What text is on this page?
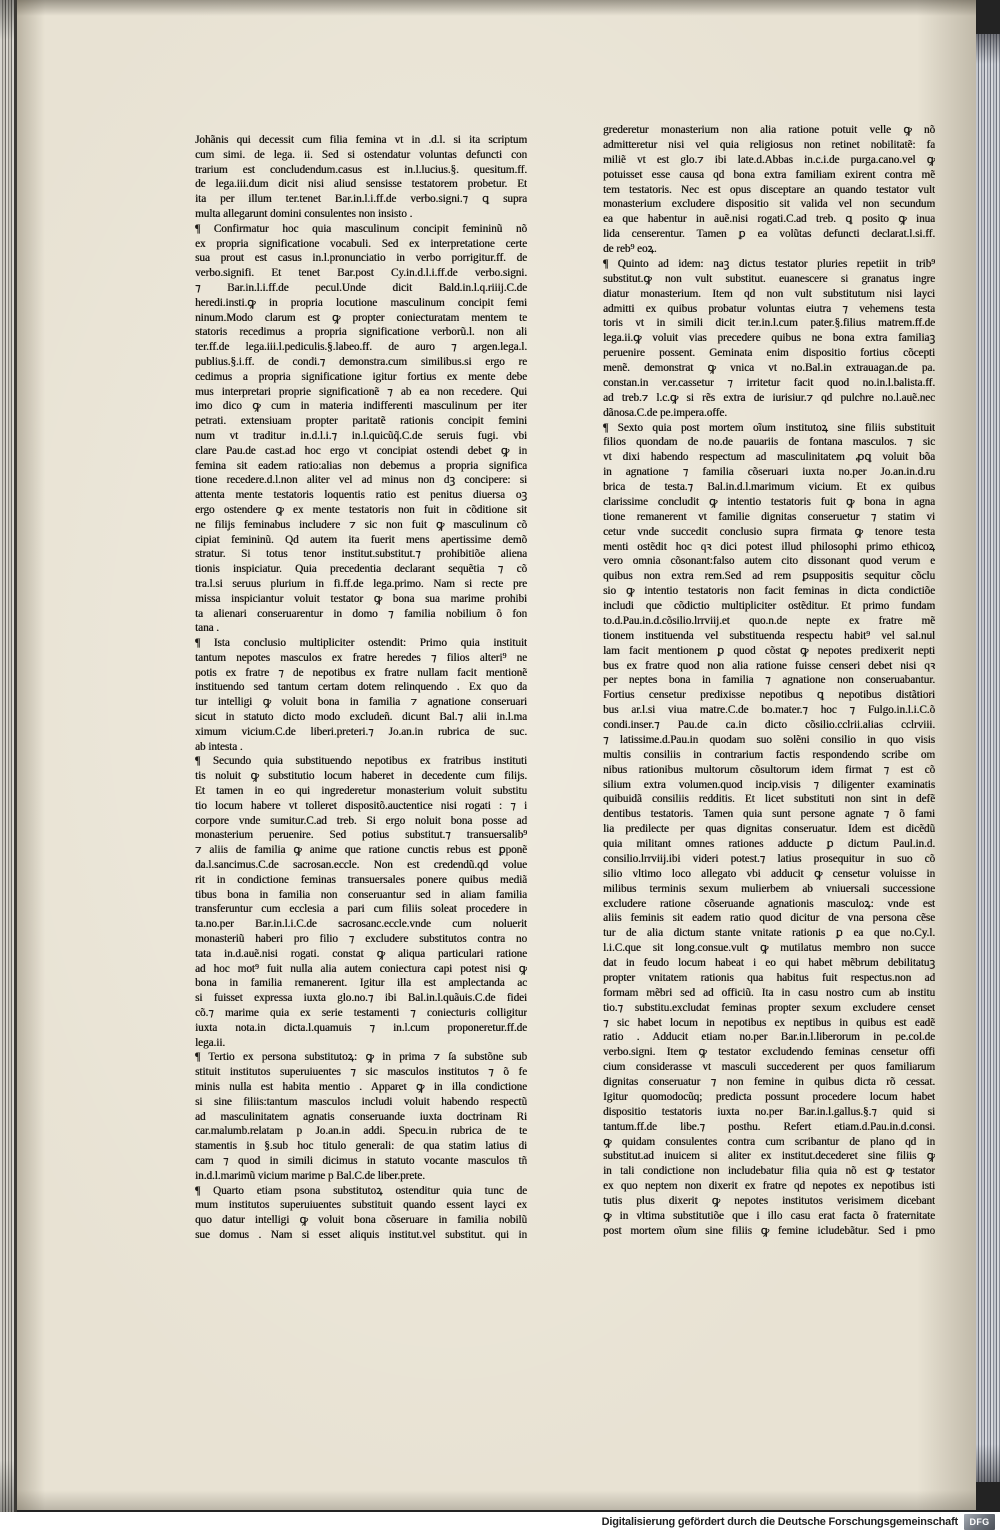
Johãnis qui decessit cum filia femina vt in .d.l. si ita scriptum
cum simi. de lega. ii. Sed si ostendatur voluntas defuncti con
trarium est concludendum.casus est in.l.lucius.§. quesitum.ff.
de lega.iii.dum dicit nisi aliud sensisse testatorem probetur. Et
ita per illum ter.tenet Bar.in.l.i.ff.de verbo.signi.⁊ ꝗ supra
multa allegarunt domini consulentes non insisto .
¶ Confirmatur hoc quia masculinum concipit femininũ nõ
ex propria significatione vocabuli. Sed ex interpretatione certe
sua prout est casus in.l.pronunciatio in verbo porrigitur.ff. de
verbo.signifi. Et tenet Bar.post Cy.in.d.l.i.ff.de verbo.signi.
⁊ Bar.in.l.i.ff.de pecul.Unde dicit Bald.in.l.q.riiij.C.de
heredi.insti.ꝙ in propria locutione masculinum concipit femi
ninum.Modo clarum est ꝙ propter coniecturatam mentem te
statoris recedimus a propria significatione verborũ.l. non ali
ter.ff.de lega.iii.l.pediculis.§.labeo.ff. de auro ⁊ argen.lega.l.
publius.§.i.ff. de condi.⁊ demonstra.cum similibus.si ergo re
cedimus a propria significatione igitur fortius ex mente debe
mus interpretari proprie significationẽ ⁊ ab ea non recedere. Qui
imo dico ꝙ cum in materia indifferenti masculinum per iter
petrati. extensiuam propter paritatẽ rationis concipit femini
num vt traditur in.d.l.i.⁊ in.l.quicũq̃.C.de seruis fugi. vbi
clare Pau.de cast.ad hoc ergo vt concipiat ostendi debet ꝙ in
femina sit eadem ratio:alias non debemus a propria significa
tione recedere.d.l.non aliter vel ad minus non dꝫ concipere: si
attenta mente testatoris loquentis ratio est penitus diuersa oꝫ
ergo ostendere ꝙ ex mente testatoris non fuit in cõditione sit
ne filijs feminabus includere ⁊ sic non fuit ꝙ masculinum cõ
cipiat femininũ. Qd autem ita fuerit mens apertissime demõ
stratur. Si totus tenor institut.substitut.⁊ prohibitiõe aliena
tionis inspiciatur. Quia precedentia declarant sequẽtia ⁊ cõ
tra.l.si seruus plurium in fi.ff.de lega.primo. Nam si recte pre
missa inspiciantur voluit testator ꝙ bona sua marime prohibi
ta alienari conseruarentur in domo ⁊ familia nobilium õ fon
tana .
¶ Ista conclusio multipliciter ostendit: Primo quia instituit
tantum nepotes masculos ex fratre heredes ⁊ filios alteri⁹ ne
potis ex fratre ⁊ de nepotibus ex fratre nullam facit mentionẽ
instituendo sed tantum certam dotem relinquendo . Ex quo da
tur intelligi ꝙ voluit bona in familia ⁊ agnatione conseruari
sicut in statuto dicto modo excludeñ. dicunt Bal.⁊ alii in.l.ma
ximum vicium.C.de liberi.preteri.⁊ Jo.an.in rubrica de suc.
ab intesta .
¶ Secundo quia substituendo nepotibus ex fratribus instituti
tis noluit ꝙ substitutio locum haberet in decedente cum filijs.
Et tamen in eo qui ingrederetur monasterium voluit substitu
tio locum habere vt tolleret dispositõ.auctentice nisi rogati : ⁊ i
corpore vnde sumitur.C.ad treb. Si ergo noluit bona posse ad
monasterium peruenire. Sed potius substitut.⁊ transuersalib⁹
⁊ aliis de familia ꝙ anime que ratione cunctis rebus est ꝑponẽ
da.l.sancimus.C.de sacrosan.eccle. Non est credendũ.qd volue
rit in condictione feminas transuersales ponere quibus mediã
tibus bona in familia non conseruantur sed in aliam familia
transferuntur cum ecclesia a pari cum filiis soleat procedere in
ta.no.per Bar.in.l.i.C.de sacrosanc.eccle.vnde cum noluerit
monasteriũ haberi pro filio ⁊ excludere substitutos contra no
tata in.d.auẽ.nisi rogati. constat ꝙ aliqua particulari ratione
ad hoc mot⁹ fuit nulla alia autem coniectura capi potest nisi ꝙ
bona in familia remanerent. Igitur illa est amplectanda ac
si fuisset expressa iuxta glo.no.⁊ ibi Bal.in.l.quãuis.C.de fidei
cõ.⁊ marime quia ex serie testamenti ⁊ coniecturis colligitur
iuxta nota.in dicta.l.quamuis ⁊ in.l.cum proponeretur.ff.de
lega.ii.
¶ Tertio ex persona substitutoꝝ: ꝙ in prima ⁊ ſa substõne sub
stituit institutos superuiuentes ⁊ sic masculos institutos ⁊ õ fe
minis nulla est habita mentio . Apparet ꝙ in illa condictione
si sine filiis:tantum masculos includi voluit habendo respectũ
ad masculinitatem agnatis conseruande iuxta doctrinam Ri
car.malumb.relatam p Jo.an.in addi. Specu.in rubrica de te
stamentis in §.sub hoc titulo generali: de qua statim latius di
cam ⁊ quod in simili dicimus in statuto vocante masculos tñ
in.d.l.marimũ vicium marime p Bal.C.de liber.prete.
¶ Quarto etiam psona substitutoꝝ ostenditur quia tunc de
mum institutos superuiuentes substituit quando essent layci ex
quo datur intelligi ꝙ voluit bona cõseruare in familia nobilũ
sue domus . Nam si esset aliquis institut.vel substitut. qui in
grederetur monasterium non alia ratione potuit velle ꝙ nõ
admitteretur nisi vel quia religiosus non retinet nobilitatẽ: fa
miliẽ vt est glo.⁊ ibi late.d.Abbas in.c.i.de purga.cano.vel ꝙ
potuisset esse causa qd bona extra familiam exirent contra mẽ
tem testatoris. Nec est opus disceptare an quando testator vult
monasterium excludere dispositio sit valida vel non secundum
ea que habentur in auẽ.nisi rogati.C.ad treb. ꝗ posito ꝙ inua
lida censerentur. Tamen ꝑ ea volũtas defuncti declarat.l.si.ff.
de reb⁹ eoꝝ.
¶ Quinto ad idem: naꝫ dictus testator pluries repetiit in trib⁹
substitut.ꝙ non vult substitut. euanescere si granatus ingre
diatur monasterium. Item qd non vult substitutum nisi layci
admitti ex quibus probatur voluntas eiutra ⁊ vehemens testa
toris vt in simili dicit ter.in.l.cum pater.§.filius matrem.ff.de
lega.ii.ꝙ voluit vias precedere quibus ne bona extra familiaꝫ
peruenire possent. Geminata enim dispositio fortius cõcepti
menẽ. demonstrat ꝙ vnica vt no.Bal.in extrauagan.de pa.
constan.in ver.cassetur ⁊ irritetur facit quod no.in.l.balista.ff.
ad treb.⁊ l.c.ꝙ si rẽs extra de iurisiur.⁊ qd pulchre no.l.auẽ.nec
dãnosa.C.de pe.impera.offe.
¶ Sexto quia post mortem oĩum institutoꝝ sine filiis substituit
filios quondam de no.de pauariis de fontana masculos. ⁊ sic
vt dixi habendo respectum ad masculinitatem ꝓꝗ voluit bõa
in agnatione ⁊ familia cõseruari iuxta no.per Jo.an.in.d.ru
brica de testa.⁊ Bal.in.d.l.marimum vicium. Et ex quibus
clarissime concludit ꝙ intentio testatoris fuit ꝙ bona in agna
tione remanerent vt familie dignitas conseruetur ⁊ statim vi
cetur vnde succedit conclusio supra firmata ꝙ tenore testa
menti ostẽdit hoc qꝛ dici potest illud philosophi primo ethicoꝝ
vero omnia cõsonant:falso autem cito dissonant quod verum e
quibus non extra rem.Sed ad rem ꝑsuppositis sequitur cõclu
sio ꝙ intentio testatoris non facit feminas in dicta condictiõe
includi que cõdictio multipliciter ostẽditur. Et primo fundam
to.d.Pau.in.d.cõsilio.lrrviij.et quo.n.de nepte ex fratre mẽ
tionem instituenda vel substituenda respectu habit⁹ vel sal.nul
lam facit mentionem ꝑ quod cõstat ꝙ nepotes predixerit nepti
bus ex fratre quod non alia ratione fuisse censeri debet nisi qꝛ
per neptes bona in familia ⁊ agnatione non conseruabantur.
Fortius censetur predixisse nepotibus ꝗ nepotibus distãtiori
bus ar.l.si viua matre.C.de bo.mater.⁊ hoc ⁊ Fulgo.in.l.i.C.õ
condi.inser.⁊ Pau.de ca.in dicto cõsilio.cclrii.alias cclrviii.
⁊ latissime.d.Pau.in quodam suo solẽni consilio in quo visis
multis consiliis in contrarium factis respondendo scribe om
nibus rationibus multorum cõsultorum idem firmat ⁊ est cõ
silium extra volumen.quod incip.visis ⁊ diligenter examinatis
quibuidã consiliis redditis. Et licet substituti non sint in defẽ
dentibus testatoris. Tamen quia sunt persone agnate ⁊ õ fami
lia predilecte per quas dignitas conseruatur. Idem est dicẽdũ
quia militant omnes rationes adducte ꝑ dictum Paul.in.d.
consilio.lrrviij.ibi videri potest.⁊ latius prosequitur in suo cõ
silio vltimo loco allegato vbi adducit ꝙ censetur voluisse in
milibus terminis sexum mulierbem ab vniuersali successione
excludere ratione cõseruande agnationis masculoꝝ: vnde est
aliis feminis sit eadem ratio quod dicitur de vna persona cẽse
tur de alia dictum stante vnitate rationis ꝑ ea que no.Cy.l.
l.i.C.que sit long.consue.vult ꝙ mutilatus membro non succe
dat in feudo locum habeat i eo qui habet mẽbrum debilitatuꝫ
propter vnitatem rationis qua habitus fuit respectus.non ad
formam mẽbri sed ad officiũ. Ita in casu nostro cum ab institu
tio.⁊ substitu.excludat feminas propter sexum excludere censet
⁊ sic habet locum in nepotibus ex neptibus in quibus est eadẽ
ratio . Adducit etiam no.per Bar.in.l.liberorum in pe.col.de
verbo.signi. Item ꝙ testator excludendo feminas censetur offi
cium considerasse vt masculi succederent per quos familiarum
dignitas conseruatur ⁊ non femine in quibus dicta rõ cessat.
Igitur quomodocũq; predicta possunt procedere locum habet
dispositio testatoris iuxta no.per Bar.in.l.gallus.§.⁊ quid si
tantum.ff.de libe.⁊ posthu. Refert etiam.d.Pau.in.d.consi.
ꝙ quidam consulentes contra cum scribantur de plano qd in
substitut.ad inuicem si aliter ex institut.decederet sine filiis ꝙ
in tali condictione non includebatur filia quia nõ est ꝙ testator
ex quo neptem non dixerit ex fratre qd nepotes ex nepotibus isti
tutis plus dixerit ꝙ nepotes institutos verisimem dicebant
ꝙ in vltima substitutiõe que i illo casu erat facta õ fraternitate
post mortem oĩum sine filiis ꝙ femine icludebãtur. Sed i pmo
Digitalisierung gefördert durch die Deutsche Forschungsgemeinschaft	DFG
